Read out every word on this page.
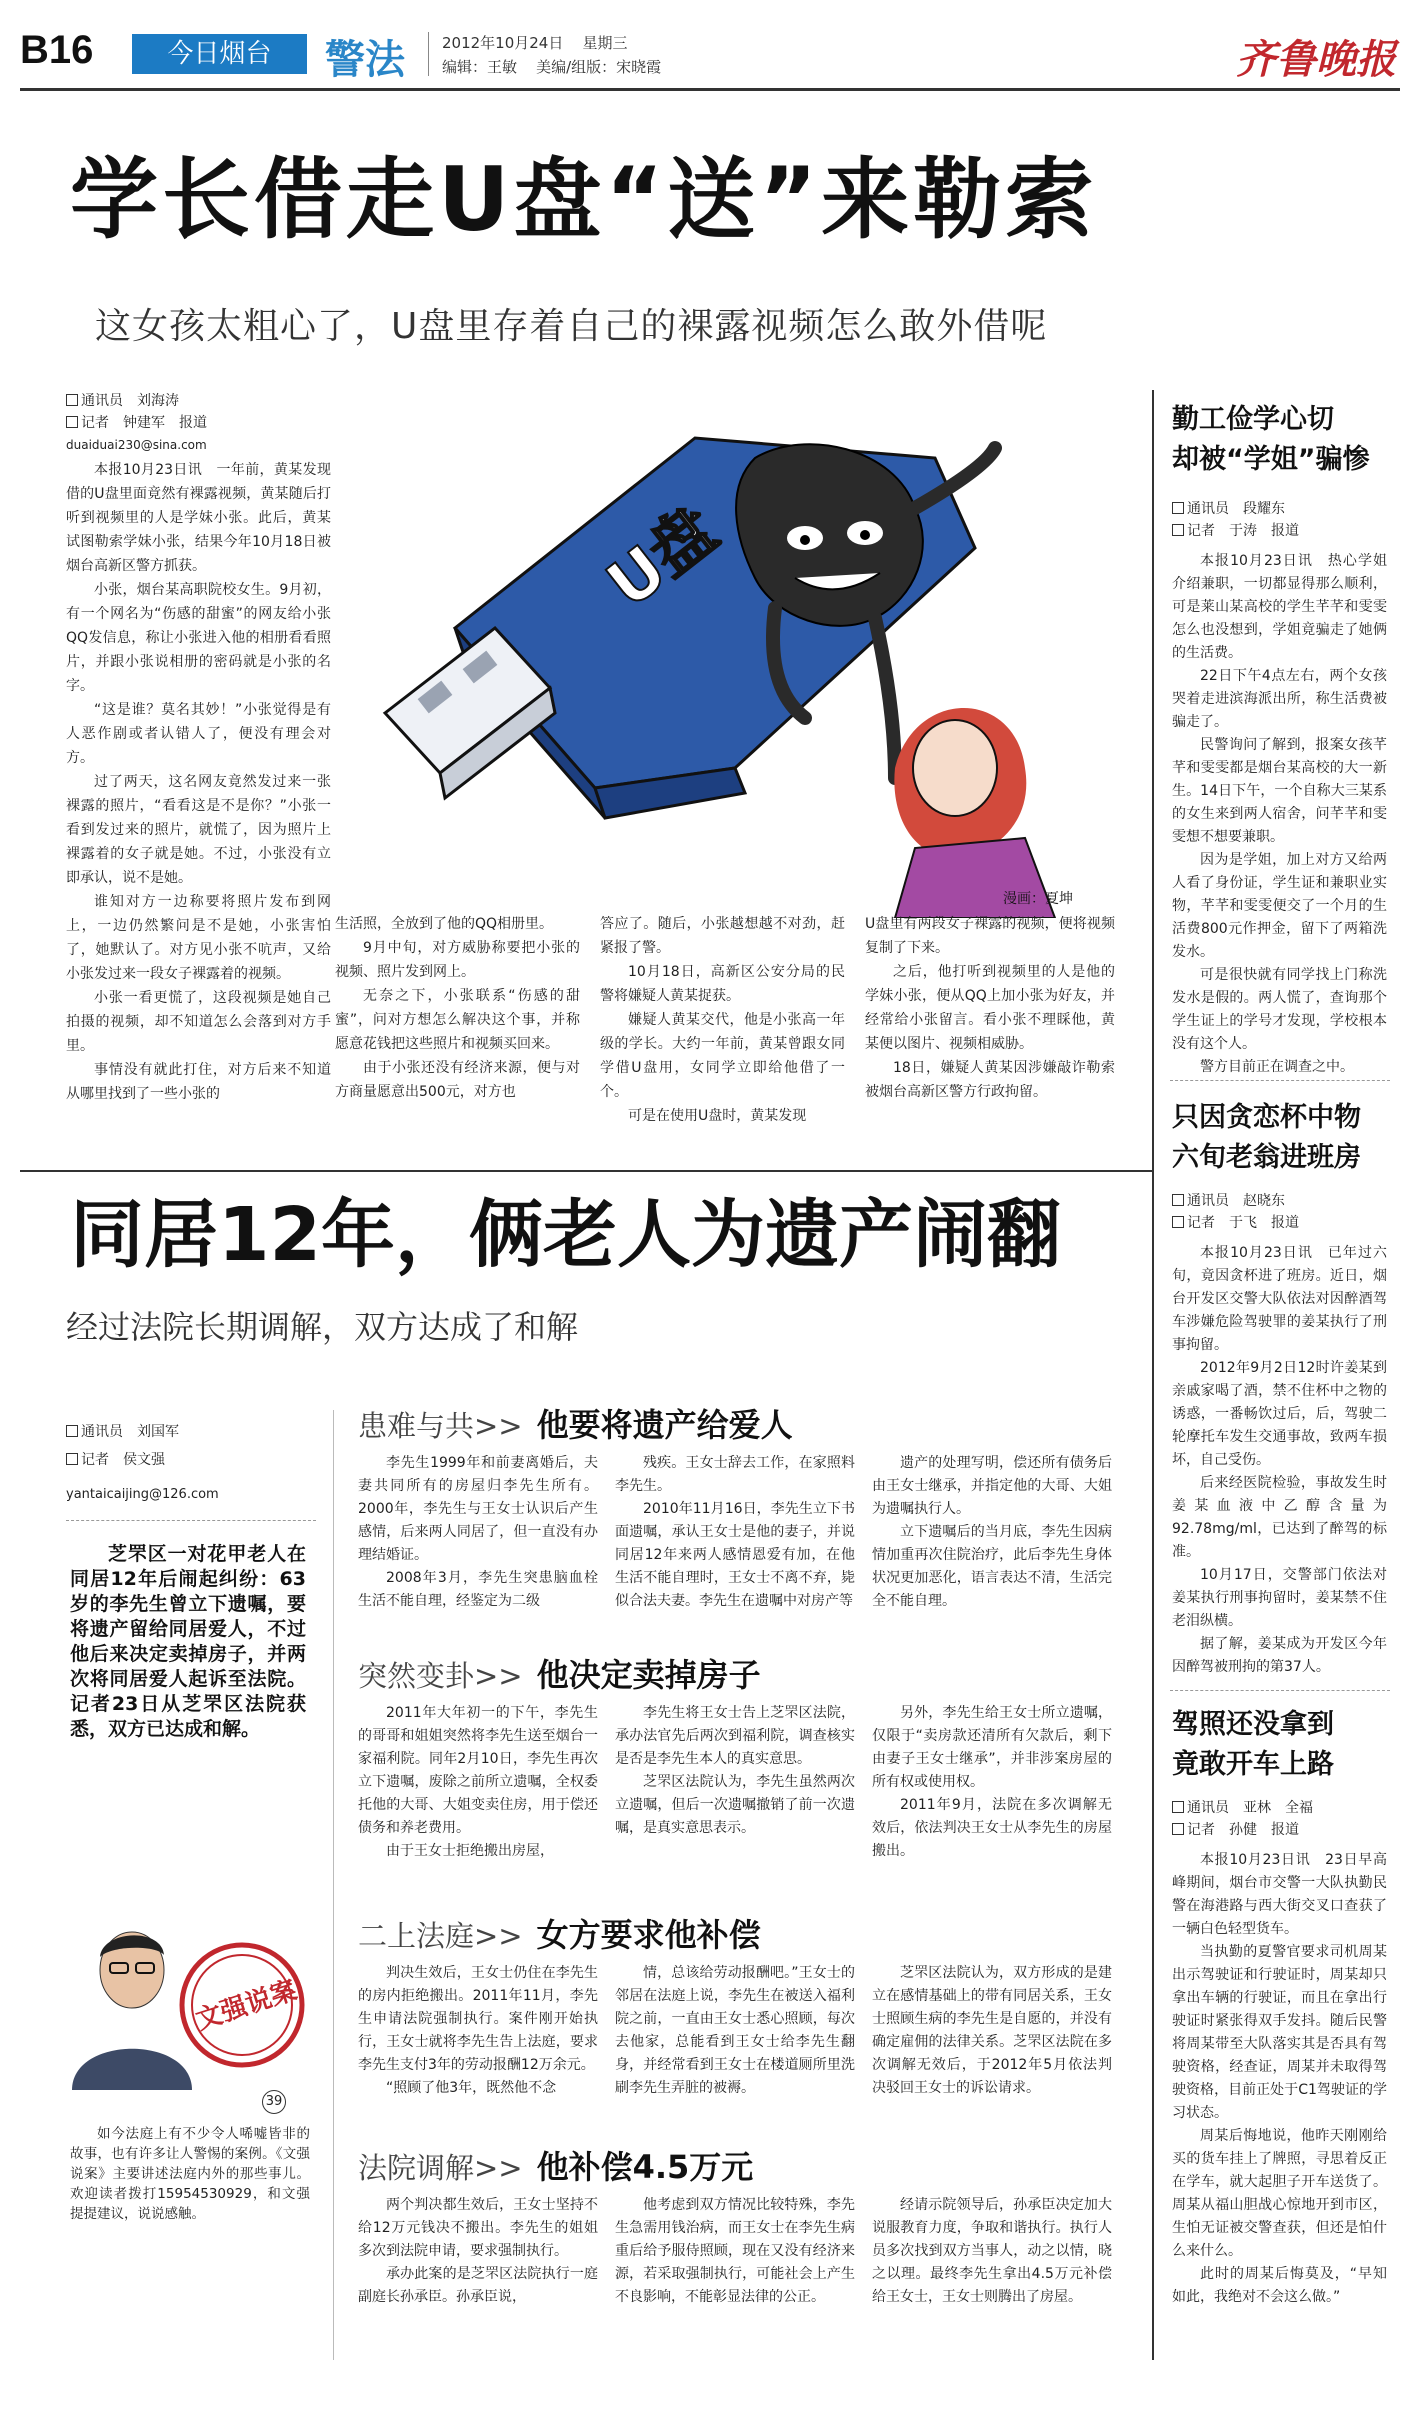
B16	今日烟台	警法 2012年10月24日 星期三
编辑：王敏 美编/组版：宋晓霞	齐鲁晚报
学长借走U盘“送”来勒索
这女孩太粗心了，U盘里存着自己的裸露视频怎么敢外借呢

通讯员　刘海涛

记者　钟建军　报道

duaiduai230@sina.com

U盘
漫画：夏坤

本报10月23日讯　一年前，黄某发现借的U盘里面竟然有裸露视频，黄某随后打听到视频里的人是学妹小张。此后，黄某试图勒索学妹小张，结果今年10月18日被烟台高新区警方抓获。

小张，烟台某高职院校女生。9月初，有一个网名为“伤感的甜蜜”的网友给小张QQ发信息，称让小张进入他的相册看看照片，并跟小张说相册的密码就是小张的名字。

“这是谁？莫名其妙！”小张觉得是有人恶作剧或者认错人了，便没有理会对方。

过了两天，这名网友竟然发过来一张裸露的照片，“看看这是不是你？”小张一看到发过来的照片，就慌了，因为照片上裸露着的女子就是她。不过，小张没有立即承认，说不是她。

谁知对方一边称要将照片发布到网上，一边仍然繁问是不是她，小张害怕了，她默认了。对方见小张不吭声，又给小张发过来一段女子裸露着的视频。

小张一看更慌了，这段视频是她自己拍摄的视频，却不知道怎么会落到对方手里。

事情没有就此打住，对方后来不知道从哪里找到了一些小张的

生活照，全放到了他的QQ相册里。

9月中旬，对方威胁称要把小张的视频、照片发到网上。

无奈之下，小张联系“伤感的甜蜜”，问对方想怎么解决这个事，并称愿意花钱把这些照片和视频买回来。

由于小张还没有经济来源，便与对方商量愿意出500元，对方也

答应了。随后，小张越想越不对劲，赶紧报了警。

10月18日，高新区公安分局的民警将嫌疑人黄某捉获。

嫌疑人黄某交代，他是小张高一年级的学长。大约一年前，黄某曾跟女同学借U盘用，女同学立即给他借了一个。

可是在使用U盘时，黄某发现

U盘里有两段女子裸露的视频，便将视频复制了下来。

之后，他打听到视频里的人是他的学妹小张，便从QQ上加小张为好友，并经常给小张留言。看小张不理睬他，黄某便以图片、视频相威胁。

18日，嫌疑人黄某因涉嫌敲诈勒索被烟台高新区警方行政拘留。

勤工俭学心切

却被“学姐”骗惨

通讯员　段耀东

记者　于涛　报道

本报10月23日讯　热心学姐介绍兼职，一切都显得那么顺利，可是莱山某高校的学生芊芊和雯雯怎么也没想到，学姐竟骗走了她俩的生活费。

22日下午4点左右，两个女孩哭着走进滨海派出所，称生活费被骗走了。

民警询问了解到，报案女孩芊芊和雯雯都是烟台某高校的大一新生。14日下午，一个自称大三某系的女生来到两人宿舍，问芊芊和雯雯想不想要兼职。

因为是学姐，加上对方又给两人看了身份证，学生证和兼职业实物，芊芊和雯雯便交了一个月的生活费800元作押金，留下了两箱洗发水。

可是很快就有同学找上门称洗发水是假的。两人慌了，查询那个学生证上的学号才发现，学校根本没有这个人。

警方目前正在调查之中。

只因贪恋杯中物

六旬老翁进班房

通讯员　赵晓东

记者　于飞　报道

本报10月23日讯　已年过六旬，竟因贪杯进了班房。近日，烟台开发区交警大队依法对因醉酒驾车涉嫌危险驾驶罪的姜某执行了刑事拘留。

2012年9月2日12时许姜某到亲戚家喝了酒，禁不住杯中之物的诱惑，一番畅饮过后，后，驾驶二轮摩托车发生交通事故，致两车损坏，自己受伤。

后来经医院检验，事故发生时姜某血液中乙醇含量为92.78mg/ml，已达到了醉驾的标准。

10月17日，交警部门依法对姜某执行刑事拘留时，姜某禁不住老泪纵横。

据了解，姜某成为开发区今年因醉驾被刑拘的第37人。

驾照还没拿到

竟敢开车上路

通讯员　亚林　全福

记者　孙健　报道

本报10月23日讯　23日早高峰期间，烟台市交警一大队执勤民警在海港路与西大街交叉口查获了一辆白色轻型货车。

当执勤的夏警官要求司机周某出示驾驶证和行驶证时，周某却只拿出车辆的行驶证，而且在拿出行驶证时紧张得双手发抖。随后民警将周某带至大队落实其是否具有驾驶资格，经查证，周某并未取得驾驶资格，目前正处于C1驾驶证的学习状态。

周某后悔地说，他昨天刚刚给买的货车挂上了牌照，寻思着反正在学车，就大起胆子开车送货了。周某从福山胆战心惊地开到市区，生怕无证被交警查获，但还是怕什么来什么。

此时的周某后悔莫及，“早知如此，我绝对不会这么做。”

同居12年，俩老人为遗产闹翻
经过法院长期调解，双方达成了和解

通讯员　刘国军

记者　侯文强

yantaicaijing@126.com

芝罘区一对花甲老人在同居12年后闹起纠纷：63岁的李先生曾立下遗嘱，要将遗产留给同居爱人，不过他后来决定卖掉房子，并两次将同居爱人起诉至法院。记者23日从芝罘区法院获悉，双方已达成和解。
文强说案
39
如今法庭上有不少令人唏嘘皆非的故事，也有许多让人警惕的案例。《文强说案》主要讲述法庭内外的那些事儿。欢迎读者拨打15954530929，和文强提提建议，说说感触。
患难与共>> 他要将遗产给爱人

李先生1999年和前妻离婚后，夫妻共同所有的房屋归李先生所有。2000年，李先生与王女士认识后产生感情，后来两人同居了，但一直没有办理结婚证。

2008年3月，李先生突患脑血栓生活不能自理，经鉴定为二级

残疾。王女士辞去工作，在家照料李先生。

2010年11月16日，李先生立下书面遗嘱，承认王女士是他的妻子，并说同居12年来两人感情恩爱有加，在他生活不能自理时，王女士不离不弃，毙似合法夫妻。李先生在遗嘱中对房产等

遗产的处理写明，偿还所有债务后由王女士继承，并指定他的大哥、大姐为遗嘱执行人。

立下遗嘱后的当月底，李先生因病情加重再次住院治疗，此后李先生身体状况更加恶化，语言表达不清，生活完全不能自理。

突然变卦>> 他决定卖掉房子

2011年大年初一的下午，李先生的哥哥和姐姐突然将李先生送至烟台一家福利院。同年2月10日，李先生再次立下遗嘱，废除之前所立遗嘱，全权委托他的大哥、大姐变卖住房，用于偿还债务和养老费用。

由于王女士拒绝搬出房屋，

李先生将王女士告上芝罘区法院，承办法官先后两次到福利院，调查核实是否是李先生本人的真实意思。

芝罘区法院认为，李先生虽然两次立遗嘱，但后一次遗嘱撤销了前一次遗嘱，是真实意思表示。

另外，李先生给王女士所立遗嘱，仅限于“卖房款还清所有欠款后，剩下由妻子王女士继承”，并非涉案房屋的所有权或使用权。

2011年9月，法院在多次调解无效后，依法判决王女士从李先生的房屋搬出。

二上法庭>> 女方要求他补偿

判决生效后，王女士仍住在李先生的房内拒绝搬出。2011年11月，李先生申请法院强制执行。案件刚开始执行，王女士就将李先生告上法庭，要求李先生支付3年的劳动报酬12万余元。

“照顾了他3年，既然他不念

情，总该给劳动报酬吧。”王女士的邻居在法庭上说，李先生在被送入福利院之前，一直由王女士悉心照顾，每次去他家，总能看到王女士给李先生翻身，并经常看到王女士在楼道厕所里洗刷李先生弄脏的被褥。

芝罘区法院认为，双方形成的是建立在感情基础上的带有同居关系，王女士照顾生病的李先生是自愿的，并没有确定雇佣的法律关系。芝罘区法院在多次调解无效后，于2012年5月依法判决驳回王女士的诉讼请求。

法院调解>> 他补偿4.5万元

两个判决都生效后，王女士坚持不给12万元钱决不搬出。李先生的姐姐多次到法院申请，要求强制执行。

承办此案的是芝罘区法院执行一庭副庭长孙承臣。孙承臣说，

他考虑到双方情况比较特殊，李先生急需用钱治病，而王女士在李先生病重后给予服侍照顾，现在又没有经济来源，若采取强制执行，可能社会上产生不良影响，不能彰显法律的公正。

经请示院领导后，孙承臣决定加大说服教育力度，争取和谐执行。执行人员多次找到双方当事人，动之以情，晓之以理。最终李先生拿出4.5万元补偿给王女士，王女士则腾出了房屋。
